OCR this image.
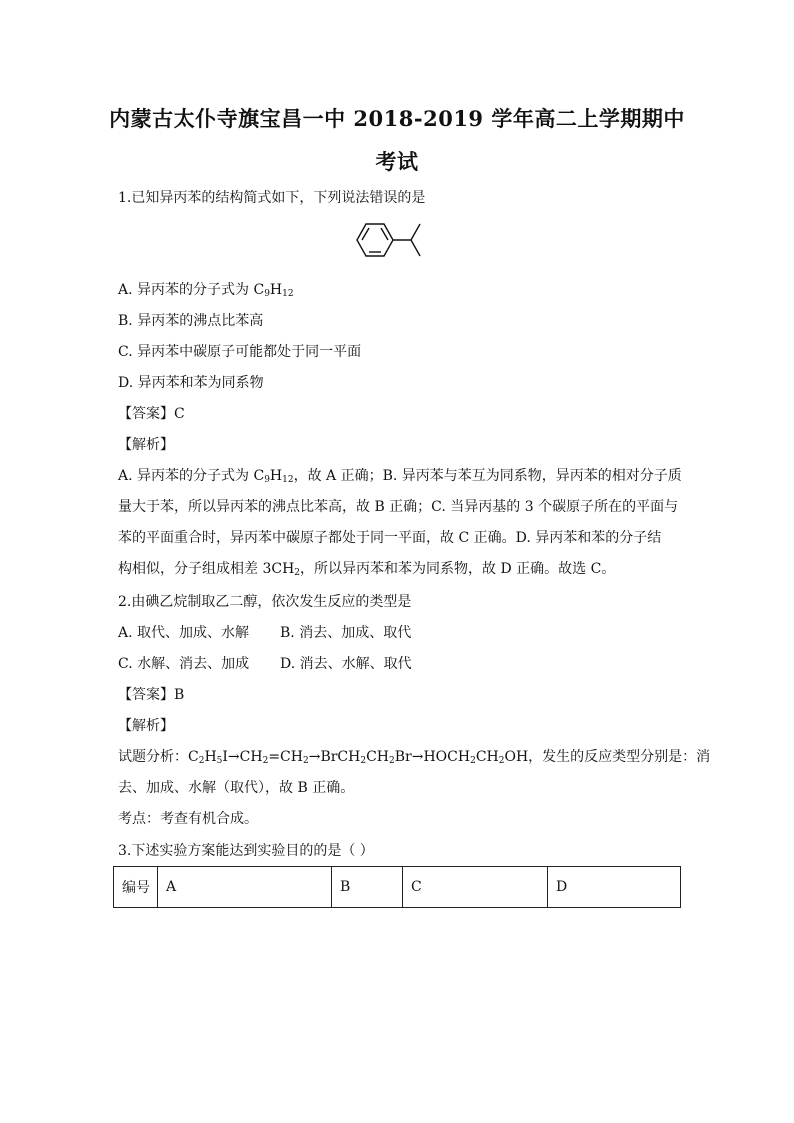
内蒙古太仆寺旗宝昌一中 2018-2019 学年高二上学期期中
考试
1.已知异丙苯的结构简式如下，下列说法错误的是
A. 异丙苯的分子式为 $C_9H_{12}$
B. 异丙苯的沸点比苯高
C. 异丙苯中碳原子可能都处于同一平面
D. 异丙苯和苯为同系物
【答案】C
【解析】
A. 异丙苯的分子式为 $C_9H_{12}$，故 A 正确；B. 异丙苯与苯互为同系物，异丙苯的相对分子质
量大于苯，所以异丙苯的沸点比苯高，故 B 正确；C. 当异丙基的 3 个碳原子所在的平面与
苯的平面重合时，异丙苯中碳原子都处于同一平面，故 C 正确。D. 异丙苯和苯的分子结
构相似，分子组成相差 $3CH_2$，所以异丙苯和苯为同系物，故 D 正确。故选 C。
2.由碘乙烷制取乙二醇，依次发生反应的类型是
A. 取代、加成、水解 B. 消去、加成、取代
C. 水解、消去、加成 D. 消去、水解、取代
【答案】B
【解析】
试题分析：$C_2H_5I\to CH_2=CH_2\to BrCH_2CH_2Br\to HOCH_2CH_2OH$，发生的反应类型分别是：消
去、加成、水解（取代），故 B 正确。
考点：考查有机合成。
3.下述实验方案能达到实验目的的是（ ）
编号	A	B	C	D
